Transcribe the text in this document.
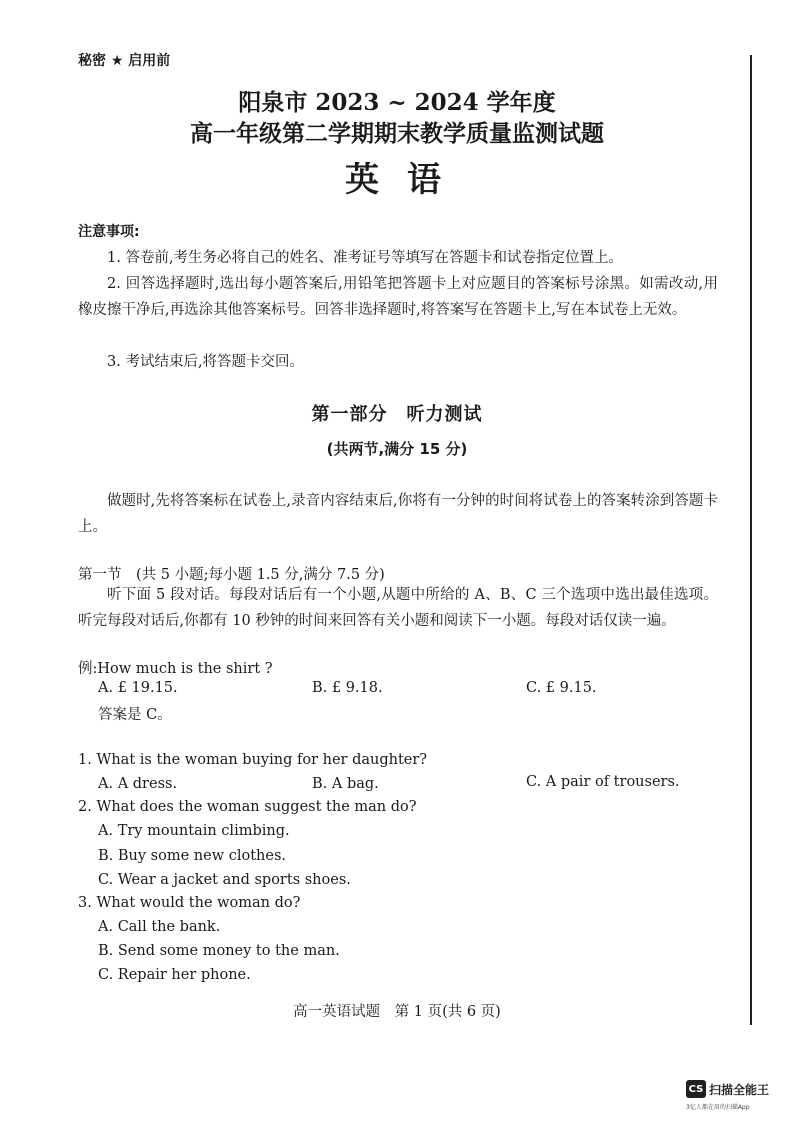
秘密 ★ 启用前
阳泉市 2023 ~ 2024 学年度
高一年级第二学期期末教学质量监测试题
英语
注意事项:

1. 答卷前,考生务必将自己的姓名、准考证号等填写在答题卡和试卷指定位置上。

2. 回答选择题时,选出每小题答案后,用铅笔把答题卡上对应题目的答案标号涂黑。如需改动,用橡皮擦干净后,再选涂其他答案标号。回答非选择题时,将答案写在答题卡上,写在本试卷上无效。

3. 考试结束后,将答题卡交回。

第一部分　听力测试
(共两节,满分 15 分)

做题时,先将答案标在试卷上,录音内容结束后,你将有一分钟的时间将试卷上的答案转涂到答题卡上。

第一节　(共 5 小题;每小题 1.5 分,满分 7.5 分)

听下面 5 段对话。每段对话后有一个小题,从题中所给的 A、B、C 三个选项中选出最佳选项。听完每段对话后,你都有 10 秒钟的时间来回答有关小题和阅读下一小题。每段对话仅读一遍。

例:How much is the shirt ?
A. £ 19.15.	B. £ 9.18.	C. £ 9.15.
答案是 C。
1. What is the woman buying for her daughter?
A. A dress.	B. A bag.	C. A pair of trousers.
2. What does the woman suggest the man do?
A. Try mountain climbing.
B. Buy some new clothes.
C. Wear a jacket and sports shoes.
3. What would the woman do?
A. Call the bank.
B. Send some money to the man.
C. Repair her phone.
高一英语试题　第 1 页(共 6 页)
CS 扫描全能王
3亿人都在用的扫描App
